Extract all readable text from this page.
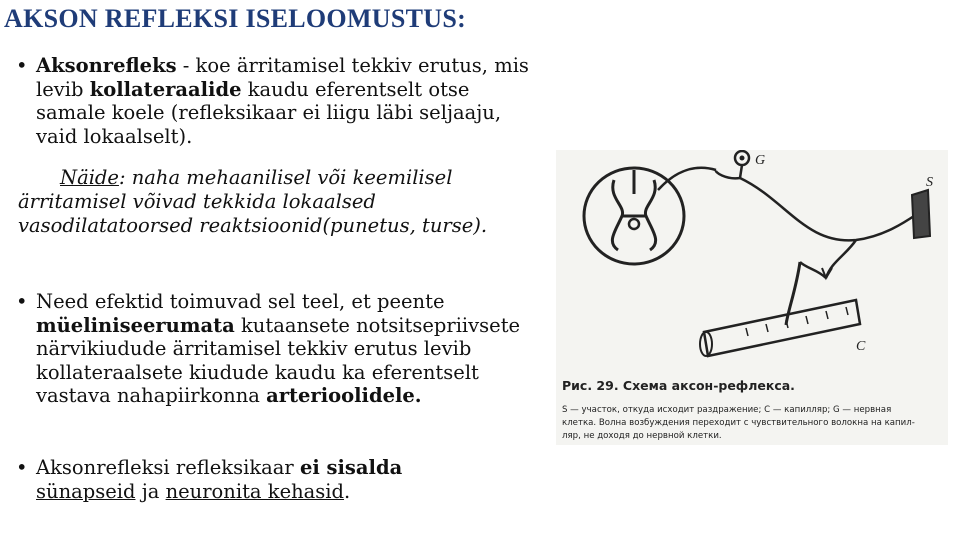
AKSON REFLEKSI ISELOOMUSTUS:
• Aksonrefleks - koe ärritamisel tekkiv erutus, mis levib kollateraalide kaudu eferentselt otse samale koele (refleksikaar ei liigu läbi seljaaju, vaid lokaalselt).
Näide: naha mehaanilisel või keemilisel ärritamisel võivad tekkida lokaalsed vasodilatatoorsed reaktsioonid(punetus, turse).
• Need efektid toimuvad sel teel, et peente müeliniseerumata kutaansete notsitsepriivsete närvikiudude ärritamisel tekkiv erutus levib kollateraalsete kiudude kaudu ka eferentselt vastava nahapiirkonna arterioolidele.
• Aksonrefleksi refleksikaar ei sisalda sünapseid ja neuronita kehasid.
G
S
C
Рис. 29. Схема аксон-рефлекса.
S — участок, откуда исходит раздражение; C — капилляр; G — нервная
клетка. Волна возбуждения переходит с чувствительного волокна на капил-
ляр, не доходя до нервной клетки.
